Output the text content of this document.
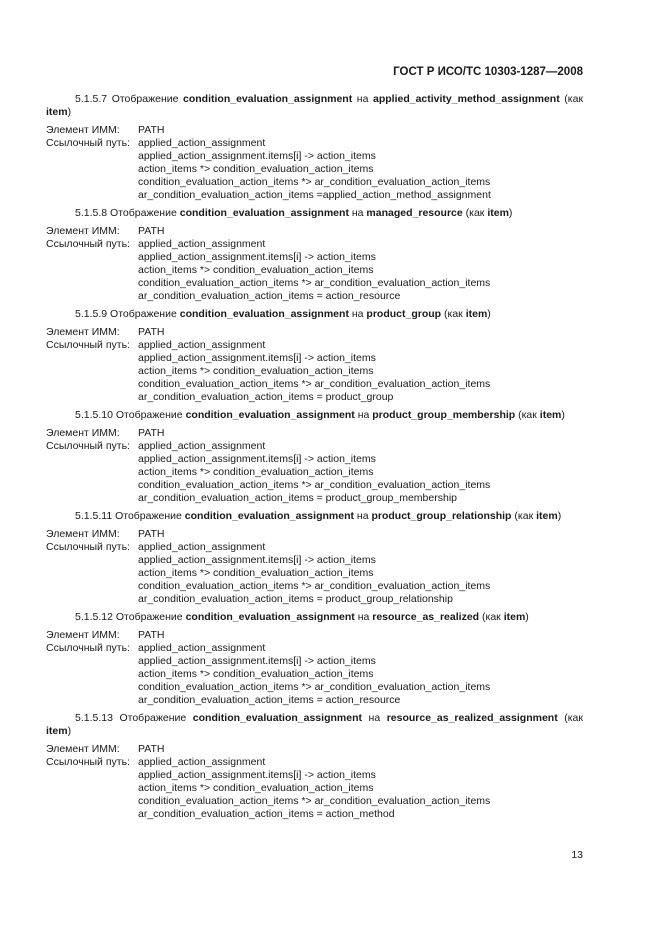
ГОСТ Р ИСО/ТС 10303-1287—2008
5.1.5.7 Отображение condition_evaluation_assignment на applied_activity_method_assignment (как item)
Элемент ИММ:	PATH
Ссылочный путь: applied_action_assignment
applied_action_assignment.items[i] -> action_items
action_items *> condition_evaluation_action_items
condition_evaluation_action_items *> ar_condition_evaluation_action_items
ar_condition_evaluation_action_items =applied_action_method_assignment
5.1.5.8 Отображение condition_evaluation_assignment на managed_resource (как item)
Элемент ИММ:	PATH
Ссылочный путь: applied_action_assignment
applied_action_assignment.items[i] -> action_items
action_items *> condition_evaluation_action_items
condition_evaluation_action_items *> ar_condition_evaluation_action_items
ar_condition_evaluation_action_items = action_resource
5.1.5.9 Отображение condition_evaluation_assignment на product_group (как item)
Элемент ИММ:	PATH
Ссылочный путь: applied_action_assignment
applied_action_assignment.items[i] -> action_items
action_items *> condition_evaluation_action_items
condition_evaluation_action_items *> ar_condition_evaluation_action_items
ar_condition_evaluation_action_items = product_group
5.1.5.10 Отображение condition_evaluation_assignment на product_group_membership (как item)
Элемент ИММ:	PATH
Ссылочный путь: applied_action_assignment
applied_action_assignment.items[i] -> action_items
action_items *> condition_evaluation_action_items
condition_evaluation_action_items *> ar_condition_evaluation_action_items
ar_condition_evaluation_action_items = product_group_membership
5.1.5.11 Отображение condition_evaluation_assignment на product_group_relationship (как item)
Элемент ИММ:	PATH
Ссылочный путь: applied_action_assignment
applied_action_assignment.items[i] -> action_items
action_items *> condition_evaluation_action_items
condition_evaluation_action_items *> ar_condition_evaluation_action_items
ar_condition_evaluation_action_items = product_group_relationship
5.1.5.12 Отображение condition_evaluation_assignment на resource_as_realized (как item)
Элемент ИММ:	PATH
Ссылочный путь: applied_action_assignment
applied_action_assignment.items[i] -> action_items
action_items *> condition_evaluation_action_items
condition_evaluation_action_items *> ar_condition_evaluation_action_items
ar_condition_evaluation_action_items = action_resource
5.1.5.13 Отображение condition_evaluation_assignment на resource_as_realized_assignment (как item)
Элемент ИММ:	PATH
Ссылочный путь: applied_action_assignment
applied_action_assignment.items[i] -> action_items
action_items *> condition_evaluation_action_items
condition_evaluation_action_items *> ar_condition_evaluation_action_items
ar_condition_evaluation_action_items = action_method
13
